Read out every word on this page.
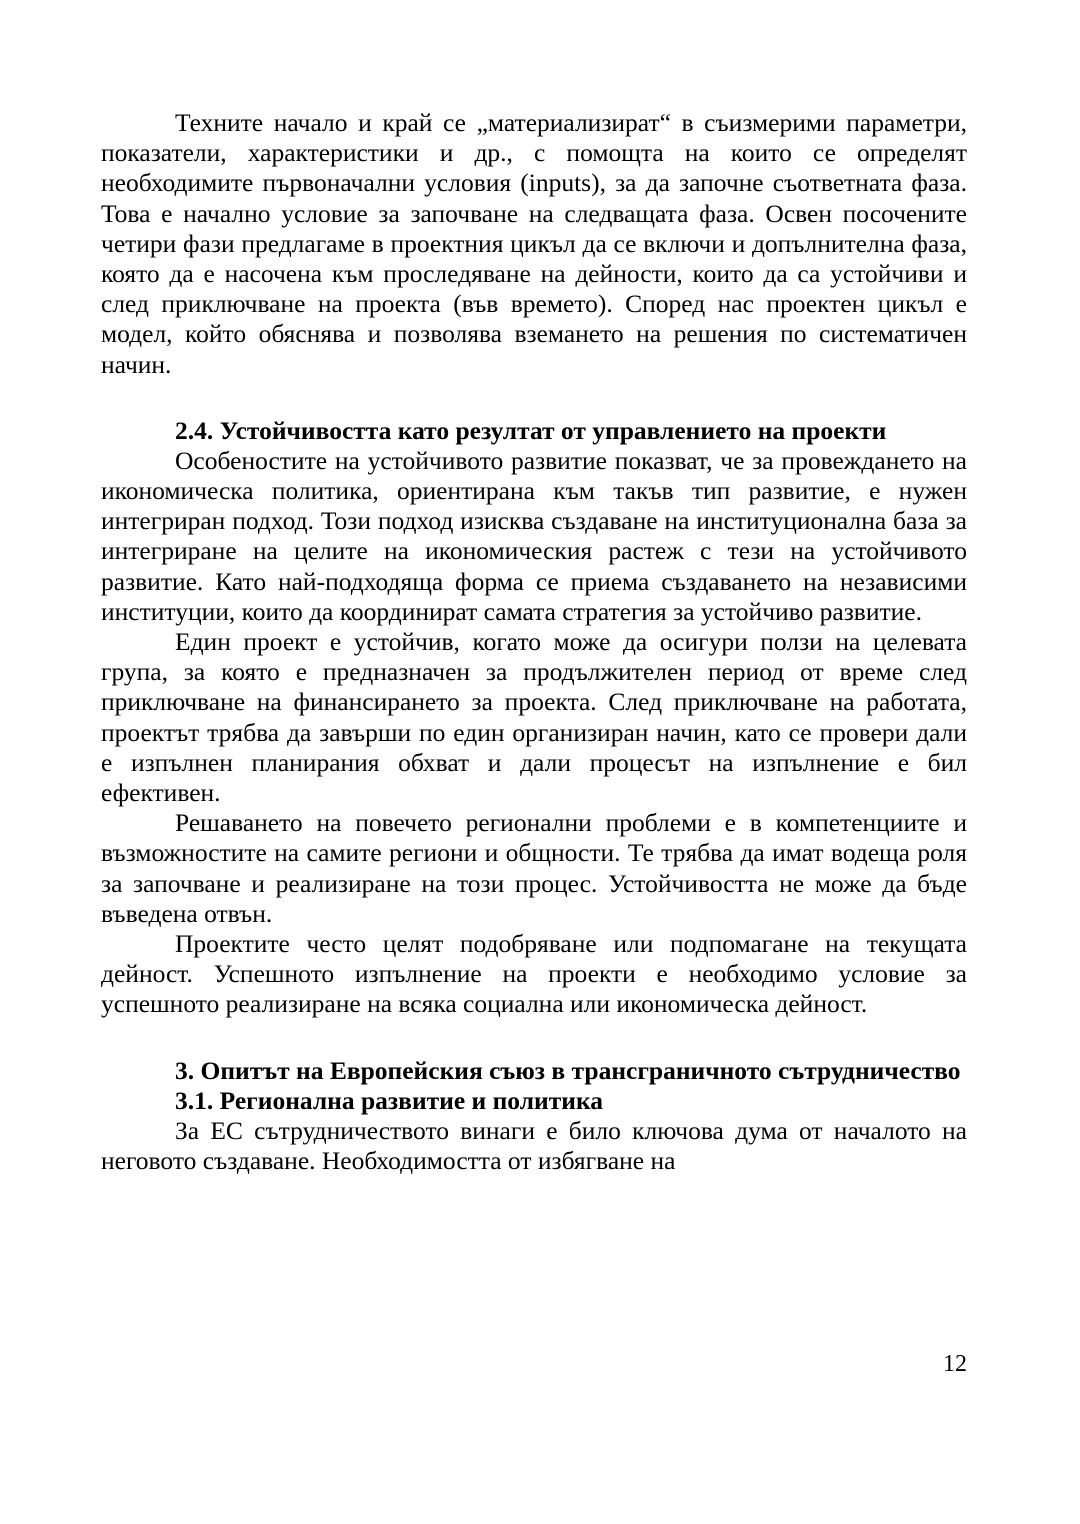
Техните начало и край се „материализират“ в съизмерими параметри, показатели, характеристики и др., с помощта на които се определят необходимите първоначални условия (inputs), за да започне съответната фаза. Това е начално условие за започване на следващата фаза. Освен посочените четири фази предлагаме в проектния цикъл да се включи и допълнителна фаза, която да е насочена към проследяване на дейности, които да са устойчиви и след приключване на проекта (във времето). Според нас проектен цикъл е модел, който обяснява и позволява вземането на решения по систематичен начин.

2.4. Устойчивостта като резултат от управлението на проекти

Особеностите на устойчивото развитие показват, че за провеждането на икономическа политика, ориентирана към такъв тип развитие, е нужен интегриран подход. Този подход изисква създаване на институционална база за интегриране на целите на икономическия растеж с тези на устойчивото развитие. Като най-подходяща форма се приема създаването на независими институции, които да координират самата стратегия за устойчиво развитие.

Един проект е устойчив, когато може да осигури ползи на целевата група, за която е предназначен за продължителен период от време след приключване на финансирането за проекта. След приключване на работата, проектът трябва да завърши по един организиран начин, като се провери дали е изпълнен планирания обхват и дали процесът на изпълнение е бил ефективен.

Решаването на повечето регионални проблеми е в компетенциите и възможностите на самите региони и общности. Те трябва да имат водеща роля за започване и реализиране на този процес. Устойчивостта не може да бъде въведена отвън.

Проектите често целят подобряване или подпомагане на текущата дейност. Успешното изпълнение на проекти е необходимо условие за успешното реализиране на всяка социална или икономическа дейност.

3. Опитът на Европейския съюз в трансграничното сътрудничество

3.1. Регионална развитие и политика

За ЕС сътрудничеството винаги е било ключова дума от началото на неговото създаване. Необходимостта от избягване на

12
